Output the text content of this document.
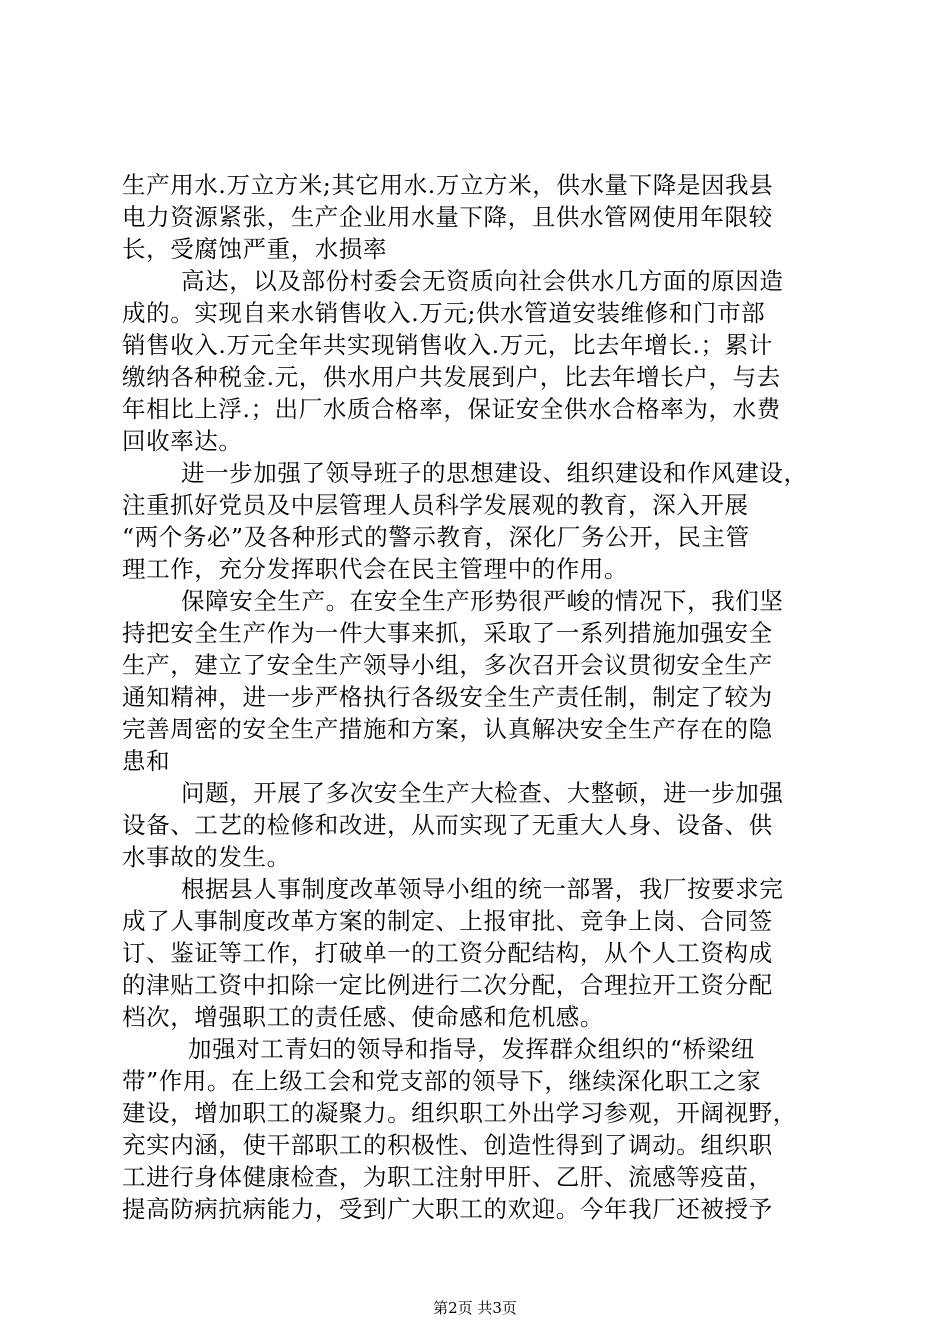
生产用水.万立方米;其它用水.万立方米，供水量下降是因我县
电力资源紧张，生产企业用水量下降，且供水管网使用年限较
长，受腐蚀严重，水损率
高达，以及部份村委会无资质向社会供水几方面的原因造
成的。实现自来水销售收入.万元;供水管道安装维修和门市部
销售收入.万元全年共实现销售收入.万元，比去年增长.；累计
缴纳各种税金.元，供水用户共发展到户，比去年增长户，与去
年相比上浮.；出厂水质合格率，保证安全供水合格率为，水费
回收率达。
进一步加强了领导班子的思想建设、组织建设和作风建设，
注重抓好党员及中层管理人员科学发展观的教育，深入开展
“两个务必”及各种形式的警示教育，深化厂务公开，民主管
理工作，充分发挥职代会在民主管理中的作用。
保障安全生产。在安全生产形势很严峻的情况下，我们坚
持把安全生产作为一件大事来抓，采取了一系列措施加强安全
生产，建立了安全生产领导小组，多次召开会议贯彻安全生产
通知精神，进一步严格执行各级安全生产责任制，制定了较为
完善周密的安全生产措施和方案，认真解决安全生产存在的隐
患和
问题，开展了多次安全生产大检查、大整顿，进一步加强
设备、工艺的检修和改进，从而实现了无重大人身、设备、供
水事故的发生。
根据县人事制度改革领导小组的统一部署，我厂按要求完
成了人事制度改革方案的制定、上报审批、竞争上岗、合同签
订、鉴证等工作，打破单一的工资分配结构，从个人工资构成
的津贴工资中扣除一定比例进行二次分配，合理拉开工资分配
档次，增强职工的责任感、使命感和危机感。
加强对工青妇的领导和指导，发挥群众组织的“桥梁纽
带”作用。在上级工会和党支部的领导下，继续深化职工之家
建设，增加职工的凝聚力。组织职工外出学习参观，开阔视野，
充实内涵，使干部职工的积极性、创造性得到了调动。组织职
工进行身体健康检查，为职工注射甲肝、乙肝、流感等疫苗，
提高防病抗病能力，受到广大职工的欢迎。今年我厂还被授予
第2页 共3页
